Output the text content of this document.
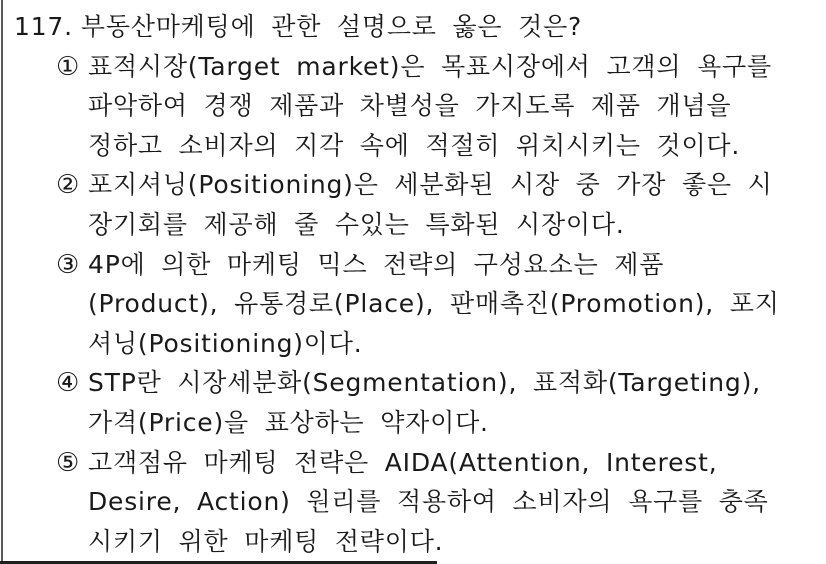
117. 부동산마케팅에 관한 설명으로 옳은 것은?
① 표적시장(Target market)은 목표시장에서 고객의 욕구를
파악하여 경쟁 제품과 차별성을 가지도록 제품 개념을
정하고 소비자의 지각 속에 적절히 위치시키는 것이다.
② 포지셔닝(Positioning)은 세분화된 시장 중 가장 좋은 시
장기회를 제공해 줄 수있는 특화된 시장이다.
③ 4P에 의한 마케팅 믹스 전략의 구성요소는 제품
(Product), 유통경로(Place), 판매촉진(Promotion), 포지
셔닝(Positioning)이다.
④ STP란 시장세분화(Segmentation), 표적화(Targeting),
가격(Price)을 표상하는 약자이다.
⑤ 고객점유 마케팅 전략은 AIDA(Attention, Interest,
Desire, Action) 원리를 적용하여 소비자의 욕구를 충족
시키기 위한 마케팅 전략이다.
